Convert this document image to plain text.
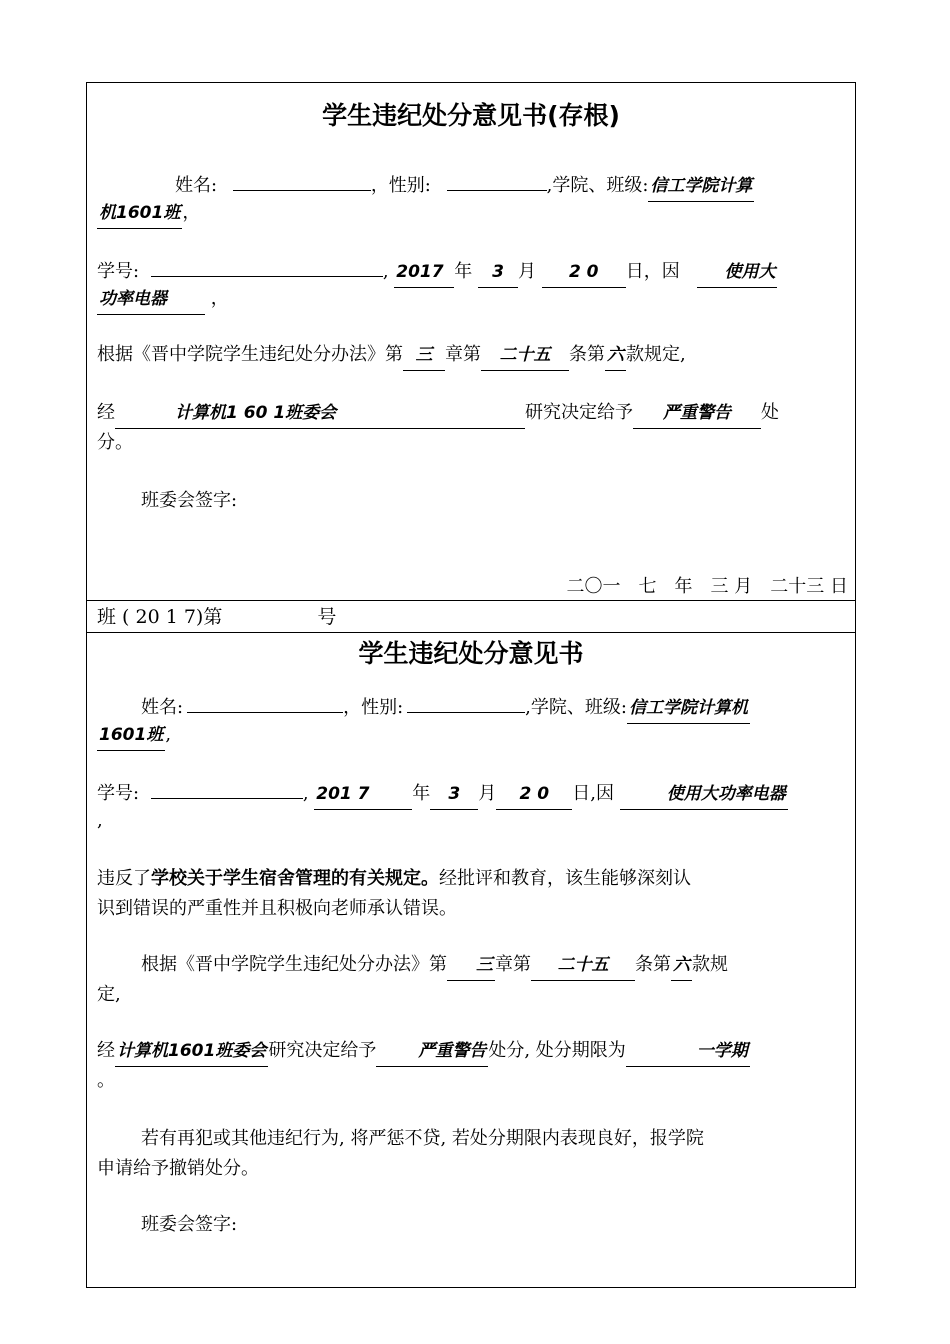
学生违纪处分意见书(存根)
姓名:	，性别:	,学院、班级: 信工学院计算
机1601班 ，
学号:	, 2017 年 3 月 2 0 日，因	使用大
功率电器 ，
根据《晋中学院学生违纪处分办法》第 三 章第 二十五 条第 六 款规定,
经	计算机1 60 1班委会	研究决定给予 严重警告 处
分。
班委会签字:
二〇一　七　年　三 月　二十三 日
班 ( 20 1 7)第　　　　　号
学生违纪处分意见书
姓名:	，性别:	,学院、班级: 信工学院计算机
1601班 ,
学号:	, 201 7 年 3 月 2 0 日,因	使用大功率电器
,
违反了学校关于学生宿舍管理的有关规定。经批评和教育，该生能够深刻认
识到错误的严重性并且积极向老师承认错误。
根据《晋中学院学生违纪处分办法》第 三 章第 二十五 条第 六 款规
定,
经 计算机1601班委会 研究决定给予 严重警告 处分, 处分期限为	一学期
。
若有再犯或其他违纪行为, 将严惩不贷, 若处分期限内表现良好，报学院
申请给予撤销处分。
班委会签字:
